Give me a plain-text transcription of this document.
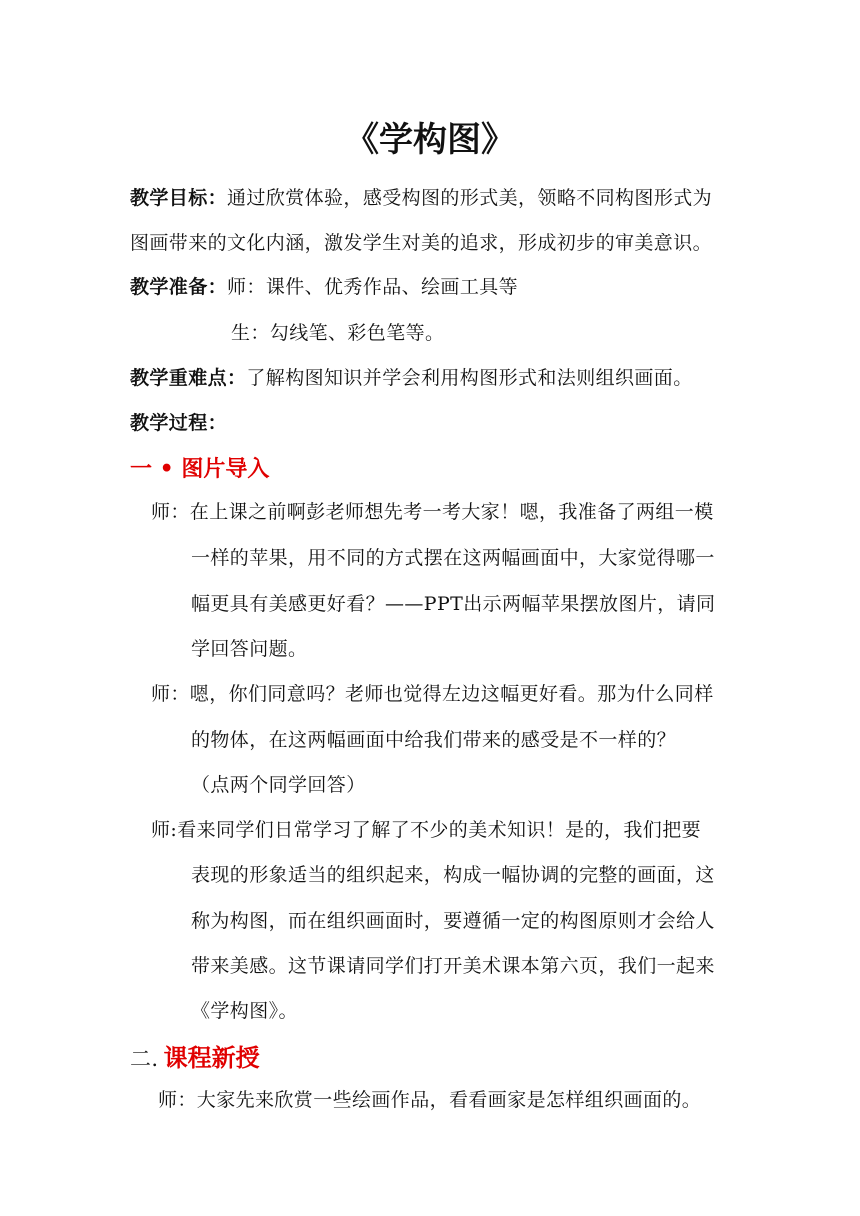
《学构图》
教学目标：通过欣赏体验，感受构图的形式美，领略不同构图形式为
图画带来的文化内涵，激发学生对美的追求，形成初步的审美意识。
教学准备：师：课件、优秀作品、绘画工具等
生：勾线笔、彩色笔等。
教学重难点：了解构图知识并学会利用构图形式和法则组织画面。
教学过程：
一 • 图片导入
师：在上课之前啊彭老师想先考一考大家！嗯，我准备了两组一模
一样的苹果，用不同的方式摆在这两幅画面中，大家觉得哪一
幅更具有美感更好看？——PPT出示两幅苹果摆放图片，请同
学回答问题。
师：嗯，你们同意吗？老师也觉得左边这幅更好看。那为什么同样
的物体，在这两幅画面中给我们带来的感受是不一样的？
（点两个同学回答）
师:看来同学们日常学习了解了不少的美术知识！是的，我们把要
表现的形象适当的组织起来，构成一幅协调的完整的画面，这
称为构图，而在组织画面时，要遵循一定的构图原则才会给人
带来美感。这节课请同学们打开美术课本第六页，我们一起来
《学构图》。
二. 课程新授
师：大家先来欣赏一些绘画作品，看看画家是怎样组织画面的。
